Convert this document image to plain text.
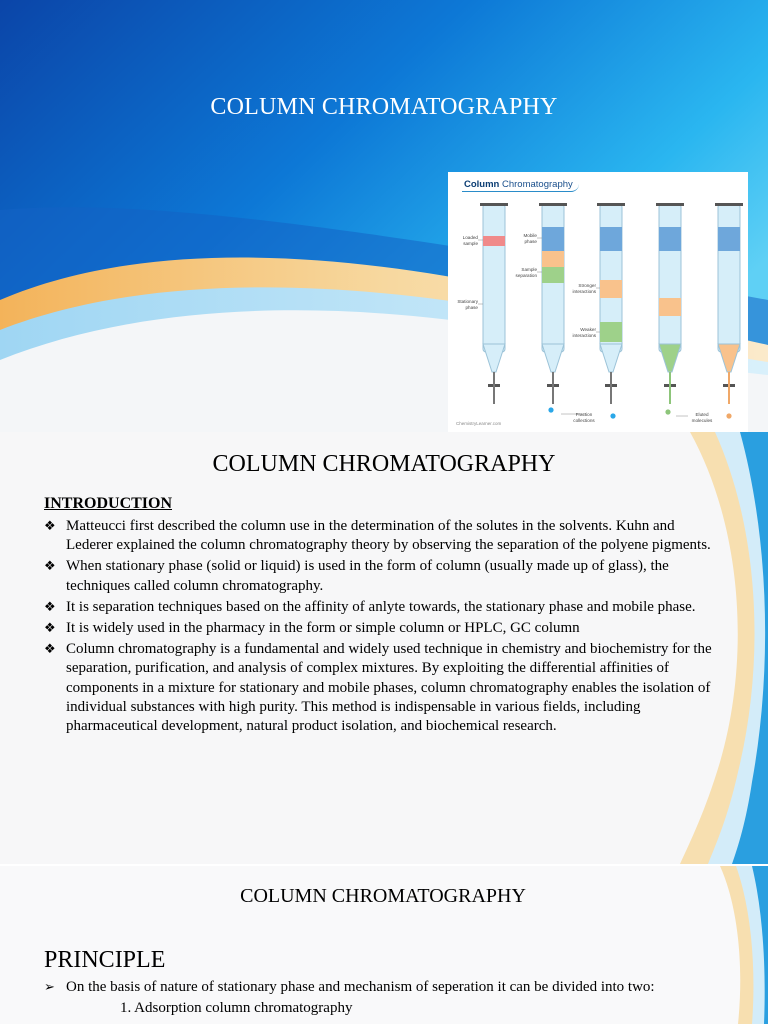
COLUMN CHROMATOGRAPHY
Column Chromatography
Loaded
sample
Stationary
phase
Mobile
phase
Sample
separation
Stronger
interactions
Weaker
interactions
Fraction
collections
Eluted
molecules
ChemistryLearner.com
COLUMN CHROMATOGRAPHY
INTRODUCTION
❖ Matteucci first described the column use in the determination of the solutes in the solvents. Kuhn and Lederer explained the column chromatography theory by observing the separation of the polyene pigments.
❖ When stationary phase (solid or liquid) is used in the form of column (usually made up of glass), the techniques called column chromatography.
❖ It is separation techniques based on the affinity of anlyte towards, the stationary phase and mobile phase.
❖ It is widely used in the pharmacy in the form or simple column or HPLC, GC column
❖ Column chromatography is a fundamental and widely used technique in chemistry and biochemistry for the separation, purification, and analysis of complex mixtures. By exploiting the differential affinities of components in a mixture for stationary and mobile phases, column chromatography enables the isolation of individual substances with high purity. This method is indispensable in various fields, including pharmaceutical development, natural product isolation, and biochemical research.
COLUMN CHROMATOGRAPHY
PRINCIPLE
➢ On the basis of nature of stationary phase and mechanism of seperation it can be divided into two:
1. Adsorption column chromatography
